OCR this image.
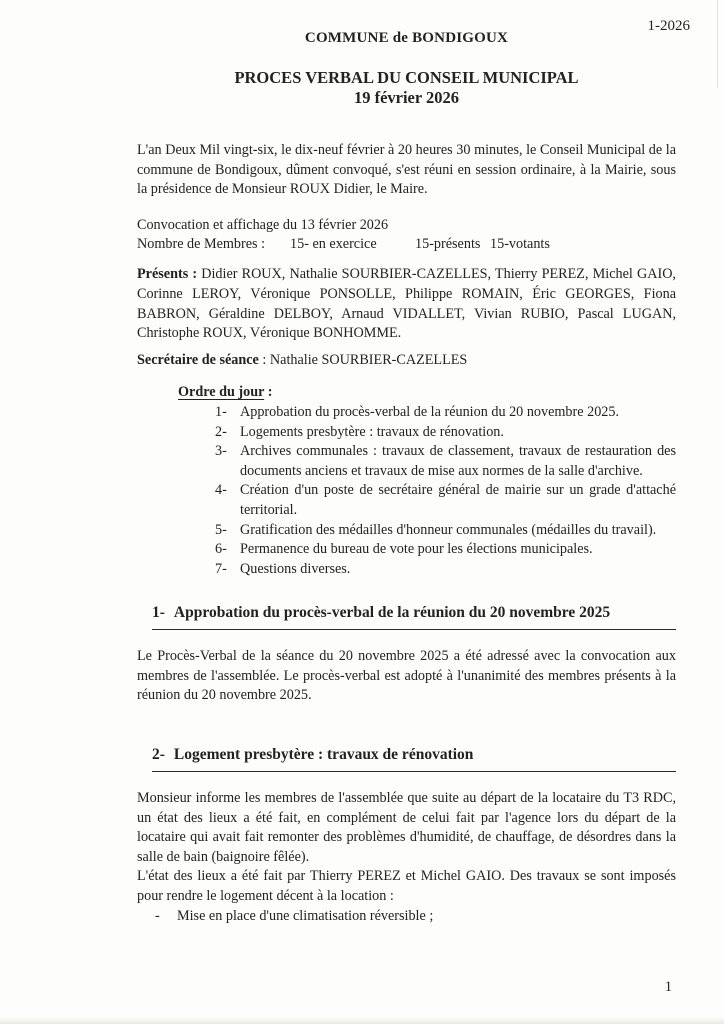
1-2026
COMMUNE de BONDIGOUX
PROCES VERBAL DU CONSEIL MUNICIPAL
19 février 2026

L'an Deux Mil vingt-six, le dix-neuf février à 20 heures 30 minutes, le Conseil Municipal de la commune de Bondigoux, dûment convoqué, s'est réuni en session ordinaire, à la Mairie, sous la présidence de Monsieur ROUX Didier, le Maire.

Convocation et affichage du 13 février 2026
Nombre de Membres : 15- en exercice	15-présents 15-votants

Présents : Didier ROUX, Nathalie SOURBIER-CAZELLES, Thierry PEREZ, Michel GAIO, Corinne LEROY, Véronique PONSOLLE, Philippe ROMAIN, Éric GEORGES, Fiona BABRON, Géraldine DELBOY, Arnaud VIDALLET, Vivian RUBIO, Pascal LUGAN, Christophe ROUX, Véronique BONHOMME.

Secrétaire de séance : Nathalie SOURBIER-CAZELLES

Ordre du jour :
1- Approbation du procès-verbal de la réunion du 20 novembre 2025.
2- Logements presbytère : travaux de rénovation.
3- Archives communales : travaux de classement, travaux de restauration des documents anciens et travaux de mise aux normes de la salle d'archive.
4- Création d'un poste de secrétaire général de mairie sur un grade d'attaché territorial.
5- Gratification des médailles d'honneur communales (médailles du travail).
6- Permanence du bureau de vote pour les élections municipales.
7- Questions diverses.
1- Approbation du procès-verbal de la réunion du 20 novembre 2025

Le Procès-Verbal de la séance du 20 novembre 2025 a été adressé avec la convocation aux membres de l'assemblée. Le procès-verbal est adopté à l'unanimité des membres présents à la réunion du 20 novembre 2025.

2- Logement presbytère : travaux de rénovation

Monsieur informe les membres de l'assemblée que suite au départ de la locataire du T3 RDC, un état des lieux a été fait, en complément de celui fait par l'agence lors du départ de la locataire qui avait fait remonter des problèmes d'humidité, de chauffage, de désordres dans la salle de bain (baignoire fêlée).

L'état des lieux a été fait par Thierry PEREZ et Michel GAIO. Des travaux se sont imposés pour rendre le logement décent à la location :

-	Mise en place d'une climatisation réversible ;
1
